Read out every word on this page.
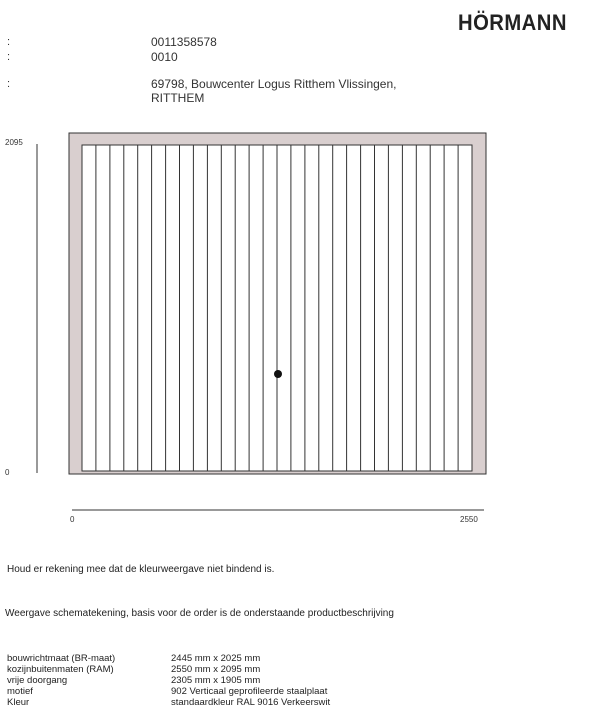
HÖRMANN
:	0011358578
:	0010
:	69798, Bouwcenter Logus Ritthem Vlissingen,
RITTHEM
2095
0
0	2550
Houd er rekening mee dat de kleurweergave niet bindend is.
Weergave schematekening, basis voor de order is de onderstaande productbeschrijving
bouwrichtmaat (BR-maat)	2445 mm x 2025 mm
kozijnbuitenmaten (RAM)	2550 mm x 2095 mm
vrije doorgang	2305 mm x 1905 mm
motief	902 Verticaal geprofileerde staalplaat
Kleur	standaardkleur RAL 9016 Verkeerswit
